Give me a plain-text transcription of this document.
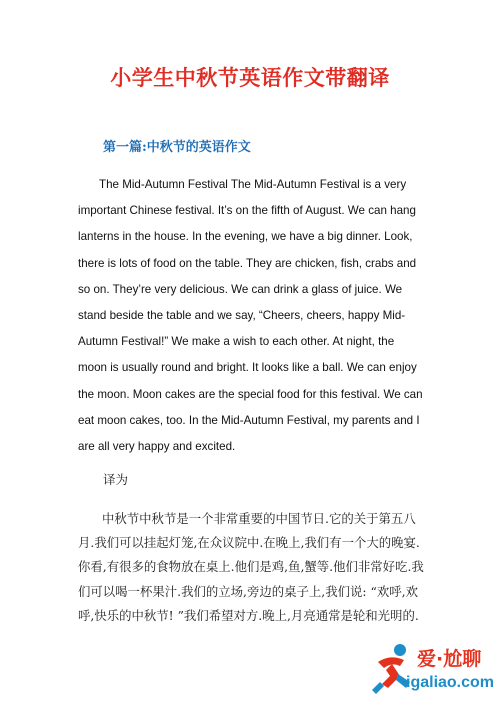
小学生中秋节英语作文带翻译
第一篇:中秋节的英语作文

The Mid-Autumn Festival The Mid-Autumn Festival is a very

important Chinese festival. It’s on the fifth of August. We can hang

lanterns in the house. In the evening, we have a big dinner. Look,

there is lots of food on the table. They are chicken, fish, crabs and

so on. They’re very delicious. We can drink a glass of juice. We

stand beside the table and we say, “Cheers, cheers, happy Mid-

Autumn Festival!” We make a wish to each other. At night, the

moon is usually round and bright. It looks like a ball. We can enjoy

the moon. Moon cakes are the special food for this festival. We can

eat moon cakes, too. In the Mid-Autumn Festival, my parents and I

are all very happy and excited.

译为

中秋节中秋节是一个非常重要的中国节日.它的关于第五八

月.我们可以挂起灯笼,在众议院中.在晚上,我们有一个大的晚宴.

你看,有很多的食物放在桌上.他们是鸡,鱼,蟹等.他们非常好吃.我

们可以喝一杯果汁.我们的立场,旁边的桌子上,我们说: “欢呼,欢

呼,快乐的中秋节! ”我们希望对方.晚上,月亮通常是轮和光明的.

爱·尬聊
igaliao.com
